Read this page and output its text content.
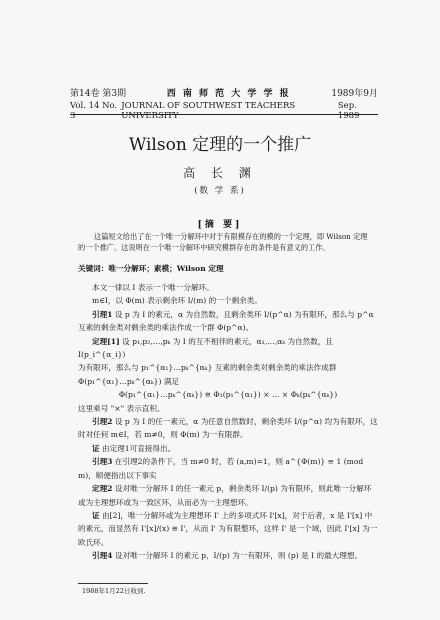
第14卷 第3期	西 南 师 范 大 学 学 报	1989年9月
Vol. 14 No. 3
JOURNAL OF SOUTHWEST TEACHERS UNIVERSITY
Sep. 1989
Wilson 定理的一个推广
高 长 渊
(数 学 系)
[摘 要]
这篇短文给出了在一个唯一分解环中对于有限模存在的模的一个定理，即 Wilson 定理的一个推广。这说明在一个唯一分解环中研究模群存在的条件是有意义的工作。
关键词：唯一分解环；素模；Wilson 定理

本文一律以 I 表示一个唯一分解环。

m∈I，以 Φ(m) 表示剩余环 I/(m) 的一个剩余类。

引理1 设 p 为 I 的素元，α 为自然数，且剩余类环 I/(p^α) 为有限环，那么与 p^α 互素的剩余类对剩余类的乘法作成一个群 Φ(p^α)。

定理[1] 设 p₁,p₂,…,pₖ 为 I 的互不相伴的素元，α₁,…,αₖ 为自然数，且 I(p_i^{α_i})

为有限环，那么与 p₁^{α₁}…pₖ^{αₖ} 互素的剩余类对剩余类的乘法作成群 Φ(p₁^{α₁}…pₖ^{αₖ}) 满足

Φ(p₁^{α₁}…pₖ^{αₖ}) ≅ Φ₁(p₁^{α₁}) × … × Φₖ(pₖ^{αₖ})

这里乘号 "×" 表示直积。

引理2 设 p 为 I 的任一素元，α 为任意自然数时，剩余类环 I/(p^α) 均为有限环，这时对任何 m∈I，若 m≠0，则 Φ(m) 为一有限群。

证 由定理1可直接得出。

引理3 在引理2的条件下，当 m≠0 时，若 (a,m)=1，则 a^{Φ(m)} ≡ 1 (mod m)，顺便指出以下事实

定理2 设对唯一分解环 I 的任一素元 p，剩余类环 I/(p) 为有限环，则此唯一分解环或为主理想环或为一致区环，从而必为一主理想环。

证 由[2]，唯一分解环或为主理想环 I' 上的多项式环 I'[x]，对于后者，x 是 I'[x] 中的素元，而显然有 I'[x]/(x) ≅ I'，从而 I' 为有限整环，这样 I' 是一个域，因此 I'[x] 为一欧氏环。

引理4 设对唯一分解环 I 的素元 p，I/(p) 为一有限环，则 (p) 是 I 的最大理想。

1988年1月22日收到.
